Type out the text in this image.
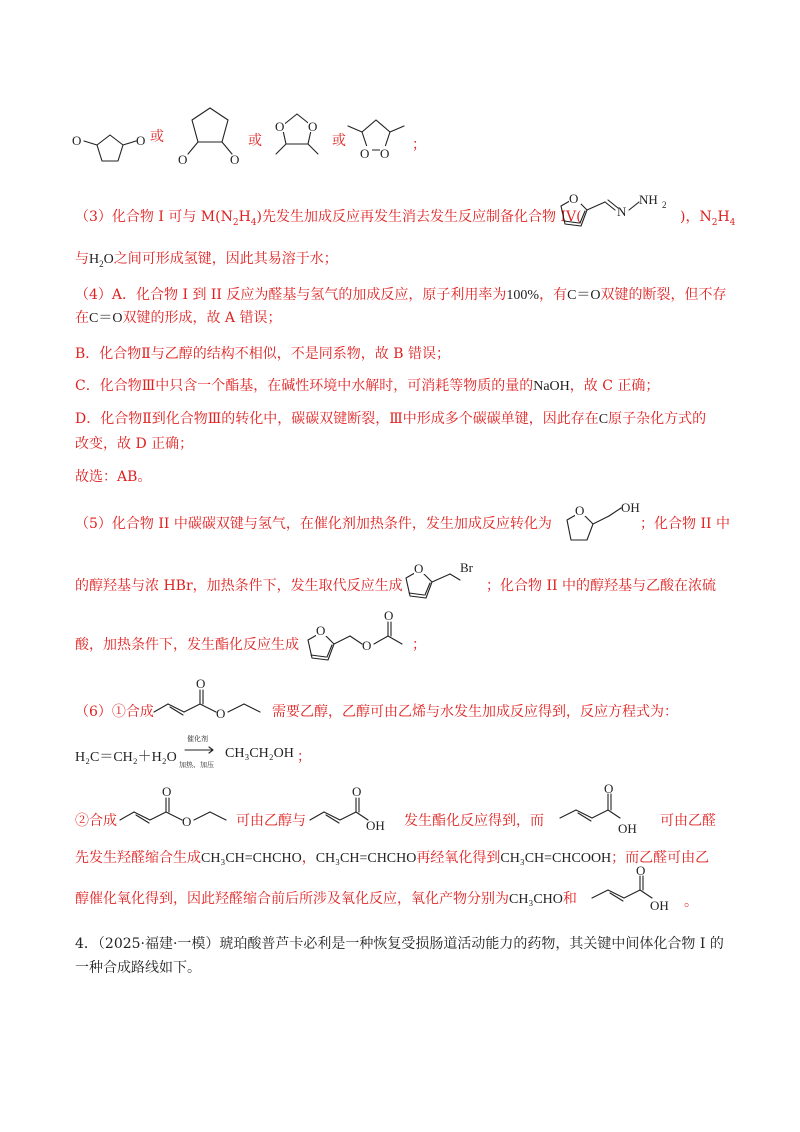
O	O 或
O	O
或
O O
或
O O
；
（3）化合物 I 可与 $M(N_2H_4)$先发生加成反应再发生消去发生反应制备化合物 IV(
O
N
NH 2
)，$N_2H_4$
与$H_2O$之间可形成氢键，因此其易溶于水；
（4）A．化合物 I 到 II 反应为醛基与氢气的加成反应，原子利用率为100%，有C＝O双键的断裂，但不存
在C＝O双键的形成，故 A 错误；
B．化合物Ⅱ与乙醇的结构不相似，不是同系物，故 B 错误；
C．化合物Ⅲ中只含一个酯基，在碱性环境中水解时，可消耗等物质的量的NaOH，故 C 正确；
D．化合物Ⅱ到化合物Ⅲ的转化中，碳碳双键断裂，Ⅲ中形成多个碳碳单键，因此存在C原子杂化方式的
改变，故 D 正确；
故选：AB。
（5）化合物 II 中碳碳双键与氢气，在催化剂加热条件，发生加成反应转化为
O	OH
；化合物 II 中
的醇羟基与浓 HBr，加热条件下，发生取代反应生成
O	Br
；化合物 II 中的醇羟基与乙酸在浓硫
酸，加热条件下，发生酯化反应生成
O
O
O
；
（6）①合成
O
O	需要乙醇，乙醇可由乙烯与水发生加成反应得到，反应方程式为：
H₂C＝CH₂＋H₂O
催化剂
加热、加压
CH₃CH₂OH ；
②合成
O
O	可由乙醇与
O
OH 发生酯化反应得到，而
O
OH 可由乙醛
先发生羟醛缩合生成CH₃CH=CHCHO，CH₃CH=CHCHO再经氧化得到CH₃CH=CHCOOH；而乙醛可由乙
醇催化氧化得到，因此羟醛缩合前后所涉及氧化反应，氧化产物分别为CH₃CHO和
O
OH 。
4．（2025·福建·一模）琥珀酸普芦卡必利是一种恢复受损肠道活动能力的药物，其关键中间体化合物 I 的
一种合成路线如下。
